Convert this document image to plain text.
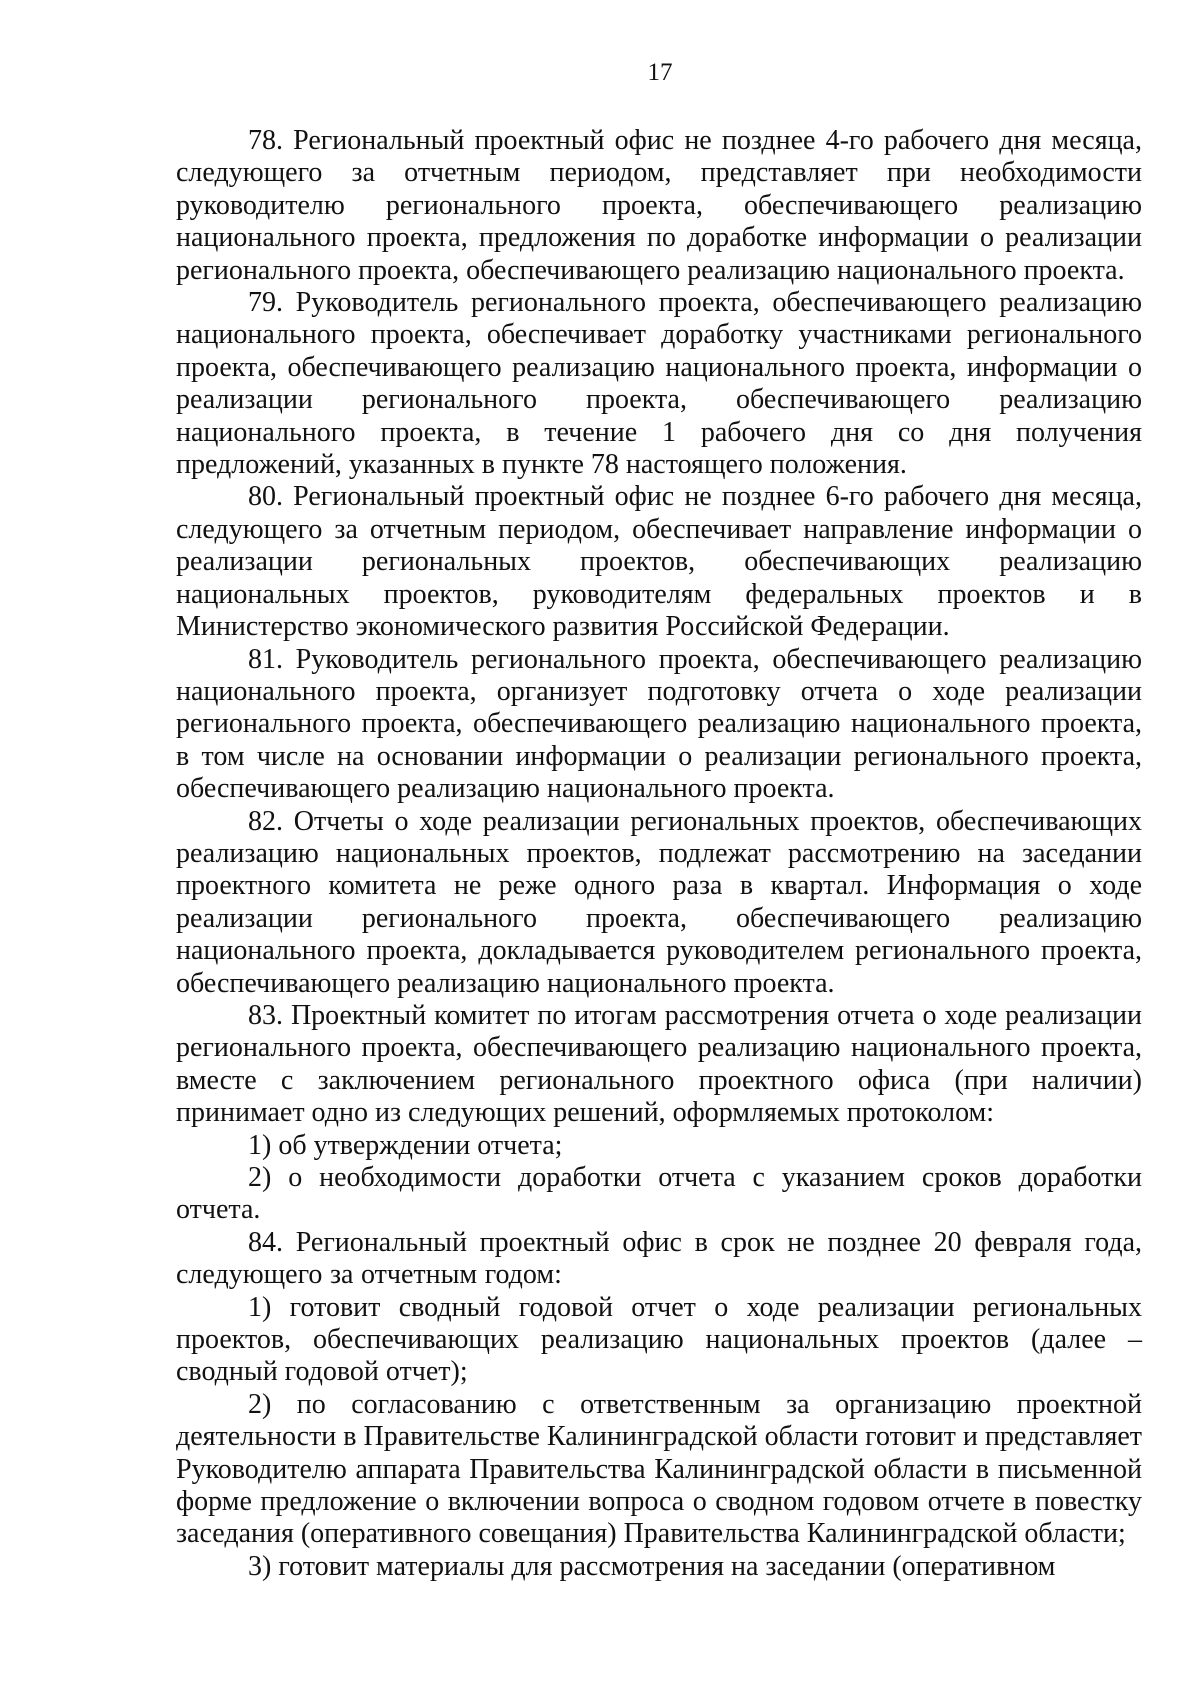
17

78. Региональный проектный офис не позднее 4-го рабочего дня месяца, следующего за отчетным периодом, представляет при необходимости руководителю регионального проекта, обеспечивающего реализацию национального проекта, предложения по доработке информации о реализации регионального проекта, обеспечивающего реализацию национального проекта.

79. Руководитель регионального проекта, обеспечивающего реализацию национального проекта, обеспечивает доработку участниками регионального проекта, обеспечивающего реализацию национального проекта, информации о реализации регионального проекта, обеспечивающего реализацию национального проекта, в течение 1 рабочего дня со дня получения предложений, указанных в пункте 78 настоящего положения.

80. Региональный проектный офис не позднее 6-го рабочего дня месяца, следующего за отчетным периодом, обеспечивает направление информации о реализации региональных проектов, обеспечивающих реализацию национальных проектов, руководителям федеральных проектов и в Министерство экономического развития Российской Федерации.

81. Руководитель регионального проекта, обеспечивающего реализацию национального проекта, организует подготовку отчета о ходе реализации регионального проекта, обеспечивающего реализацию национального проекта, в том числе на основании информации о реализации регионального проекта, обеспечивающего реализацию национального проекта.

82. Отчеты о ходе реализации региональных проектов, обеспечивающих реализацию национальных проектов, подлежат рассмотрению на заседании проектного комитета не реже одного раза в квартал. Информация о ходе реализации регионального проекта, обеспечивающего реализацию национального проекта, докладывается руководителем регионального проекта, обеспечивающего реализацию национального проекта.

83. Проектный комитет по итогам рассмотрения отчета о ходе реализации регионального проекта, обеспечивающего реализацию национального проекта, вместе с заключением регионального проектного офиса (при наличии) принимает одно из следующих решений, оформляемых протоколом:

1) об утверждении отчета;

2) о необходимости доработки отчета с указанием сроков доработки отчета.

84. Региональный проектный офис в срок не позднее 20 февраля года, следующего за отчетным годом:

1) готовит сводный годовой отчет о ходе реализации региональных проектов, обеспечивающих реализацию национальных проектов (далее – сводный годовой отчет);

2) по согласованию с ответственным за организацию проектной деятельности в Правительстве Калининградской области готовит и представляет Руководителю аппарата Правительства Калининградской области в письменной форме предложение о включении вопроса о сводном годовом отчете в повестку заседания (оперативного совещания) Правительства Калининградской области;

3) готовит материалы для рассмотрения на заседании (оперативном
